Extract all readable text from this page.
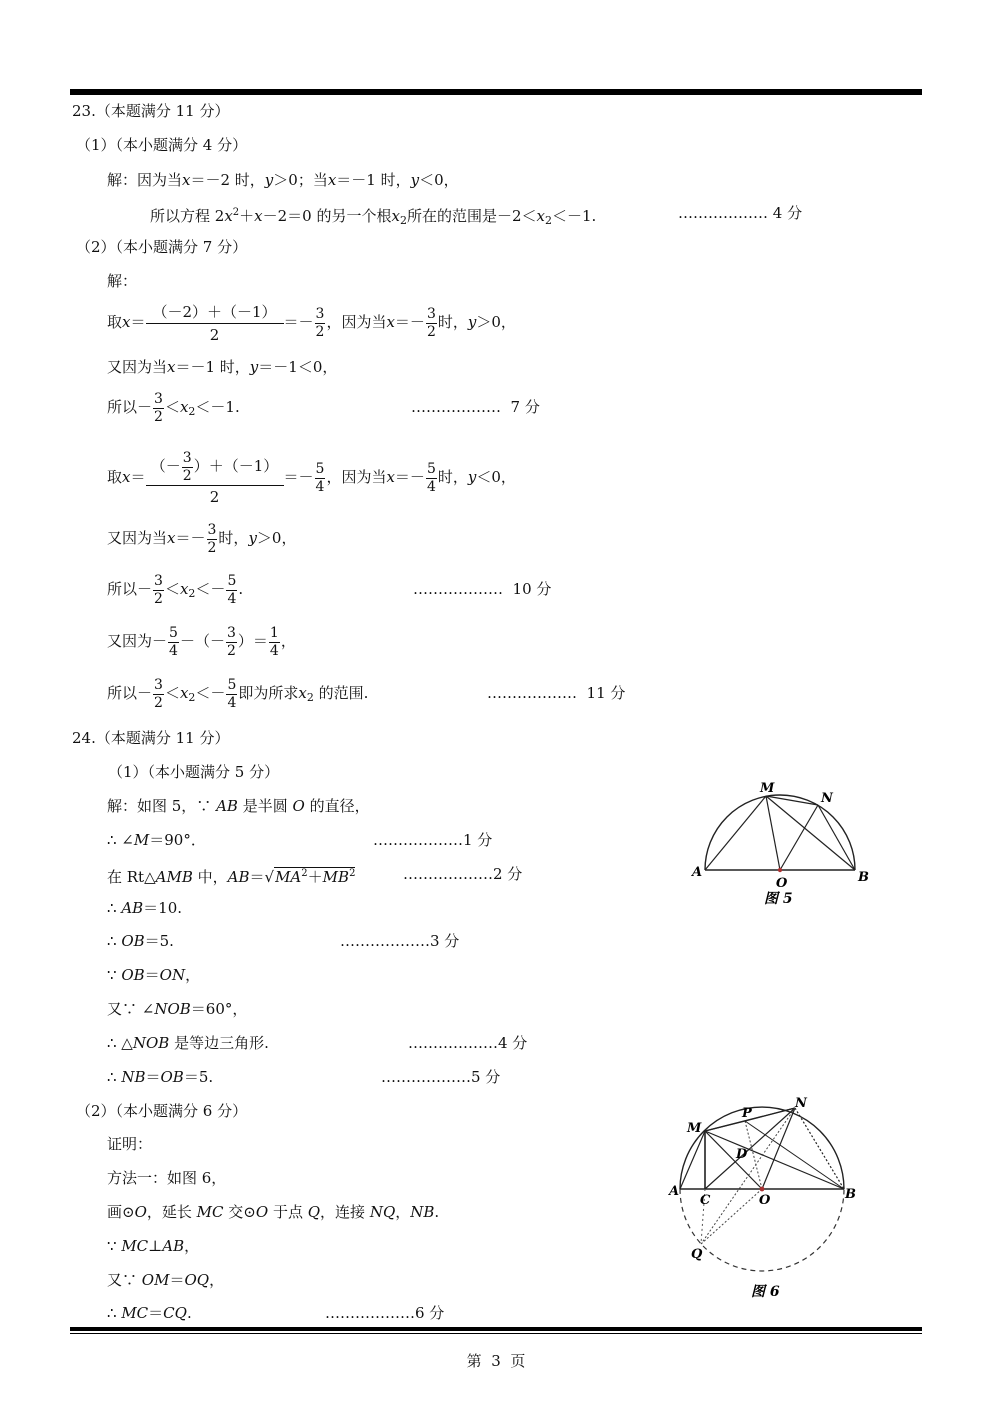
23.（本题满分 11 分）
（1）（本小题满分 4 分）
解：因为当x＝－2 时，y＞0；当x＝－1 时，y＜0，
所以方程 $2x^2+x-2=0$ 的另一个根$x_2$所在的范围是$-2<x_2<-1$.	……………… 4 分
（2）（本小题满分 7 分）
解：
取$x= \frac{(-2)+(-1)}{2} =- \frac{3}{2}$ ，因为当$x=- \frac{3}{2}$ 时，y＞0，
又因为当x＝－1 时，y＝－1＜0，
所以－ $\frac{3}{2} <x_2<-1$.	……………… 7 分
取$x= \frac{(- \frac{3}{2} )+(-1)}{2} =- \frac{5}{4}$ ，因为当$x=- \frac{5}{4}$ 时，y＜0，
又因为当$x=- \frac{3}{2}$ 时，y＞0，
所以－ $\frac{3}{2} <x_2<- \frac{5}{4}$ .	……………… 10 分
又因为－ $\frac{5}{4}$ －（－ $\frac{3}{2}$ ）＝ $\frac{1}{4}$ ，
所以－ $\frac{3}{2} <x_2<- \frac{5}{4}$ 即为所求$x_2$ 的范围.	……………… 11 分
24.（本题满分 11 分）
（1）（本小题满分 5 分）
解：如图 5，∵ AB 是半圆 O 的直径，
∴ ∠M＝90°．	………………1 分
在 Rt△AMB 中，$AB=√MA^2+MB^2$	………………2 分
∴ AB＝10.
∴ OB＝5.	………………3 分
∵ OB＝ON，
又∵ ∠NOB＝60°，
∴ △NOB 是等边三角形.	………………4 分
∴ NB＝OB＝5.	………………5 分
（2）（本小题满分 6 分）
证明：
方法一：如图 6，
画⊙O，延长 MC 交⊙O 于点 Q，连接 NQ，NB.
∵ MC⊥AB，
又∵ OM＝OQ，
∴ MC＝CQ.	………………6 分
A	B
M
N
O
图 5
A	B
M
N
P
D
C	O
Q
图 6
第 3 页
